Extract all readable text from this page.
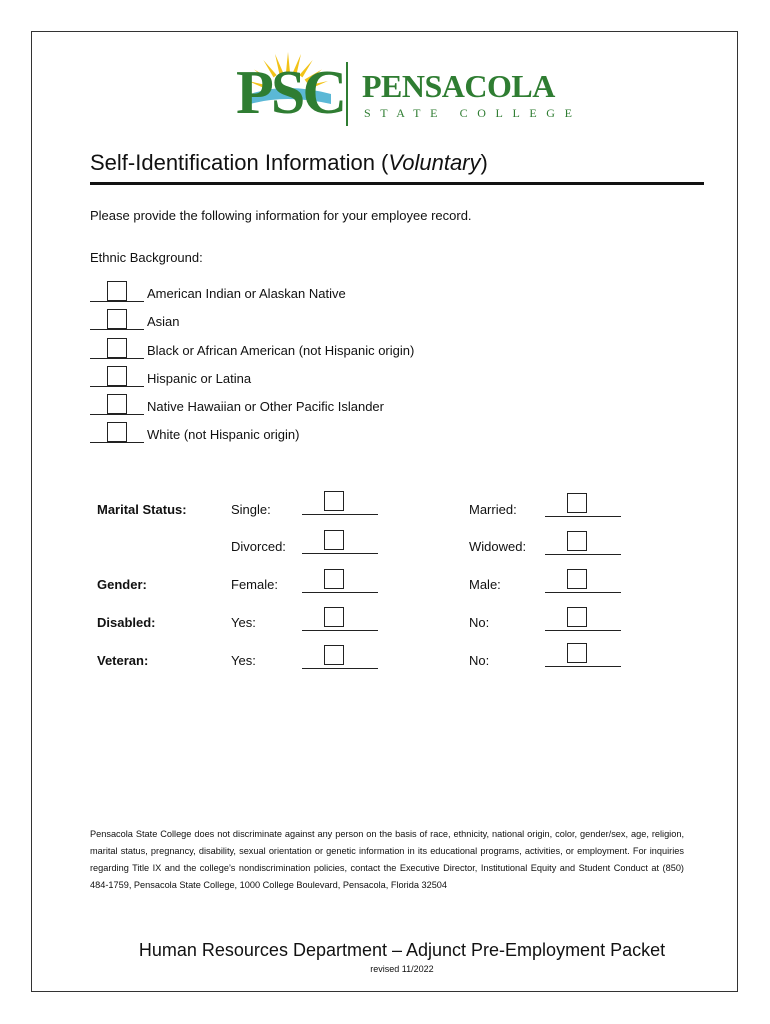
PSC PENSACOLA
STATE COLLEGE
Self-Identification Information (Voluntary)
Please provide the following information for your employee record.
Ethnic Background:
American Indian or Alaskan Native
Asian
Black or African American (not Hispanic origin)
Hispanic or Latina
Native Hawaiian or Other Pacific Islander
White (not Hispanic origin)
Marital Status:	Single:	Married:
Divorced:	Widowed:
Gender:	Female:	Male:
Disabled:	Yes:	No:
Veteran:	Yes:	No:
Pensacola State College does not discriminate against any person on the basis of race, ethnicity, national origin, color, gender/sex, age, religion, marital status, pregnancy, disability, sexual orientation or genetic information in its educational programs, activities, or employment. For inquiries regarding Title IX and the college’s nondiscrimination policies, contact the Executive Director, Institutional Equity and Student Conduct at (850) 484-1759, Pensacola State College, 1000 College Boulevard, Pensacola, Florida 32504
Human Resources Department – Adjunct Pre-Employment Packet
revised 11/2022
